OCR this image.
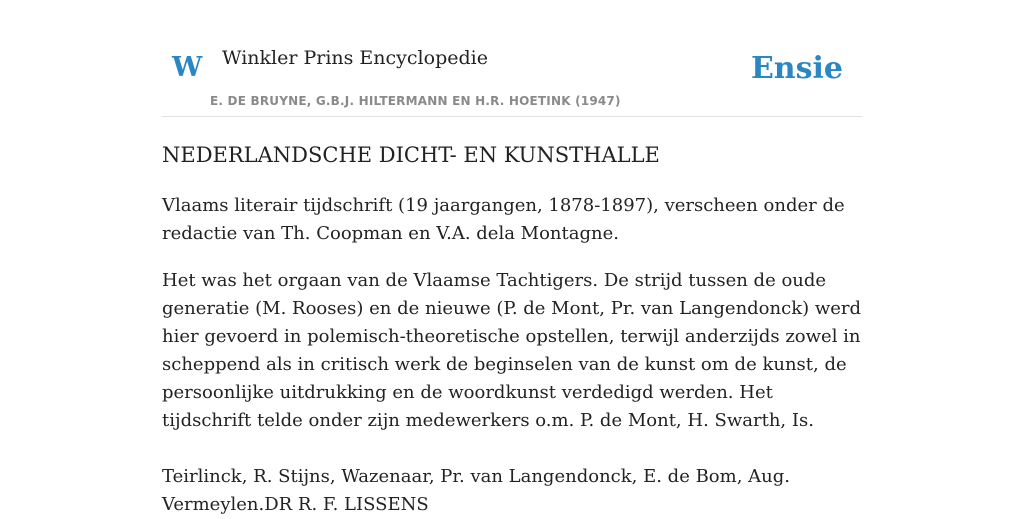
W Winkler Prins Encyclopedie
E. DE BRUYNE, G.B.J. HILTERMANN EN H.R. HOETINK (1947)
Ensie
NEDERLANDSCHE DICHT- EN KUNSTHALLE

Vlaams literair tijdschrift (19 jaargangen, 1878-1897), verscheen onder de redactie van Th. Coopman en V.A. dela Montagne.

Het was het orgaan van de Vlaamse Tachtigers. De strijd tussen de oude generatie (M. Rooses) en de nieuwe (P. de Mont, Pr. van Langendonck) werd hier gevoerd in polemisch-theoretische opstellen, terwijl anderzijds zowel in scheppend als in critisch werk de beginselen van de kunst om de kunst, de persoonlijke uitdrukking en de woordkunst verdedigd werden. Het tijdschrift telde onder zijn medewerkers o.m. P. de Mont, H. Swarth, Is.

Teirlinck, R. Stijns, Wazenaar, Pr. van Langendonck, E. de Bom, Aug. Vermeylen.DR R. F. LISSENS
